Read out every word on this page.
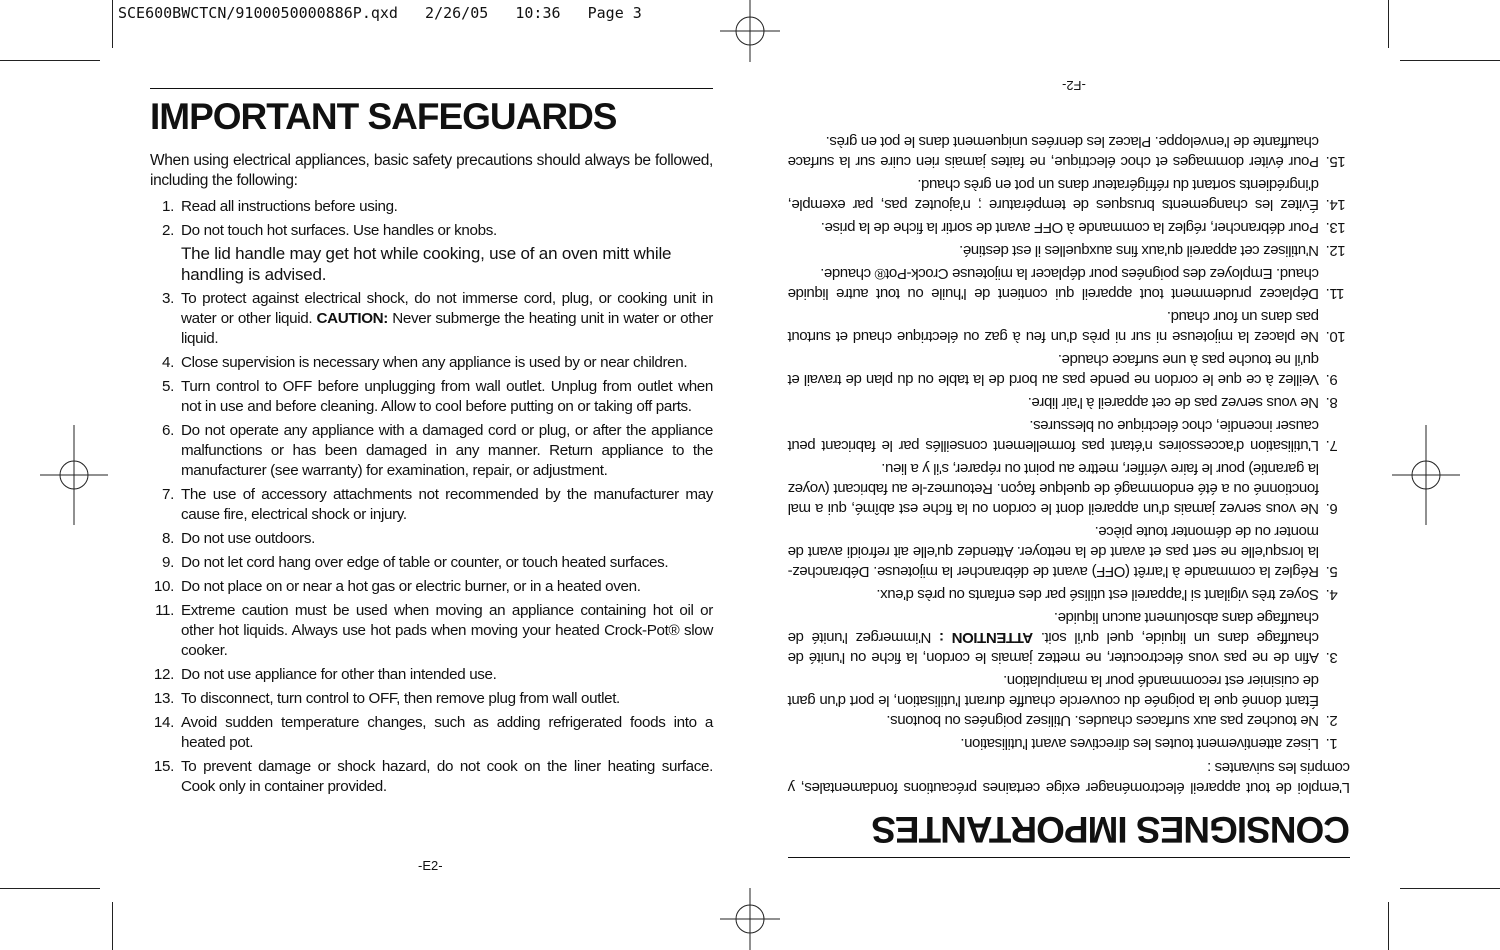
SCE600BWCTCN/9100050000886P.qxd   2/26/05   10:36   Page 3
IMPORTANT SAFEGUARDS

When using electrical appliances, basic safety precautions should always be followed, including the following:

1. Read all instructions before using.
2. Do not touch hot surfaces. Use handles or knobs.
The lid handle may get hot while cooking, use of an oven mitt while handling is advised.
3. To protect against electrical shock, do not immerse cord, plug, or cooking unit in water or other liquid. CAUTION: Never submerge the heating unit in water or other liquid.
4. Close supervision is necessary when any appliance is used by or near children.
5. Turn control to OFF before unplugging from wall outlet. Unplug from outlet when not in use and before cleaning. Allow to cool before putting on or taking off parts.
6. Do not operate any appliance with a damaged cord or plug, or after the appliance malfunctions or has been damaged in any manner. Return appliance to the manufacturer (see warranty) for examination, repair, or adjustment.
7. The use of accessory attachments not recommended by the manufacturer may cause fire, electrical shock or injury.
8. Do not use outdoors.
9. Do not let cord hang over edge of table or counter, or touch heated surfaces.
10. Do not place on or near a hot gas or electric burner, or in a heated oven.
11. Extreme caution must be used when moving an appliance containing hot oil or other hot liquids. Always use hot pads when moving your heated Crock-Pot® slow cooker.
12. Do not use appliance for other than intended use.
13. To disconnect, turn control to OFF, then remove plug from wall outlet.
14. Avoid sudden temperature changes, such as adding refrigerated foods into a heated pot.
15. To prevent damage or shock hazard, do not cook on the liner heating surface. Cook only in container provided.
-E2-
CONSIGNES IMPORTANTES

L'emploi de tout appareil électroménager exige certaines précautions fondamentales, y compris les suivantes :

1.
Lisez attentivement toutes les directives avant l'utilisation.
2.
Ne touchez pas aux surfaces chaudes. Utilisez poignées ou boutons.
Étant donné que la poignée du couvercle chauffe durant l'utilisation, le port d'un gant de cuisinier est recommandé pour la manipulation.
3.
Afin de ne pas vous électrocuter, ne mettez jamais le cordon, la fiche ou l'unité de chauffage dans un liquide, quel qu'il soit. ATTENTION : N'immergez l'unité de chauffage dans absolument aucun liquide.
4.
Soyez très vigilant si l'appareil est utilisé par des enfants ou près d'eux.
5.
Réglez la commande à l'arrêt (OFF) avant de débrancher la mijoteuse. Débranchez-la lorsqu'elle ne sert pas et avant de la nettoyer. Attendez qu'elle ait refroidi avant de monter ou de démonter toute pièce.
6.
Ne vous servez jamais d'un appareil dont le cordon ou la fiche est abîmé, qui a mal fonctionné ou a été endommagé de quelque façon. Retournez-le au fabricant (voyez la garantie) pour le faire vérifier, mettre au point ou réparer, s'il y a lieu.
7.
L'utilisation d'accessoires n'étant pas formellement conseillés par le fabricant peut causer incendie, choc électrique ou blessures.
8.
Ne vous servez pas de cet appareil à l'air libre.
9.
Veillez à ce que le cordon ne pende pas au bord de la table ou du plan de travail et qu'il ne touche pas à une surface chaude.
10.
Ne placez la mijoteuse ni sur ni près d'un feu à gaz ou électrique chaud et surtout pas dans un four chaud.
11.
Déplacez prudemment tout appareil qui contient de l'huile ou tout autre liquide chaud. Employez des poignées pour déplacer la mijoteuse Crock-Pot® chaude.
12.
N'utilisez cet appareil qu'aux fins auxquelles il est destiné.
13.
Pour débrancher, réglez la commande à OFF avant de sortir la fiche de la prise.
14.
Évitez les changements brusques de température ; n'ajoutez pas, par exemple, d'ingrédients sortant du réfrigérateur dans un pot en grès chaud.
15.
Pour éviter dommages et choc électrique, ne faites jamais rien cuire sur la surface chauffante de l'enveloppe. Placez les denrées uniquement dans le pot en grès.
-F2-
